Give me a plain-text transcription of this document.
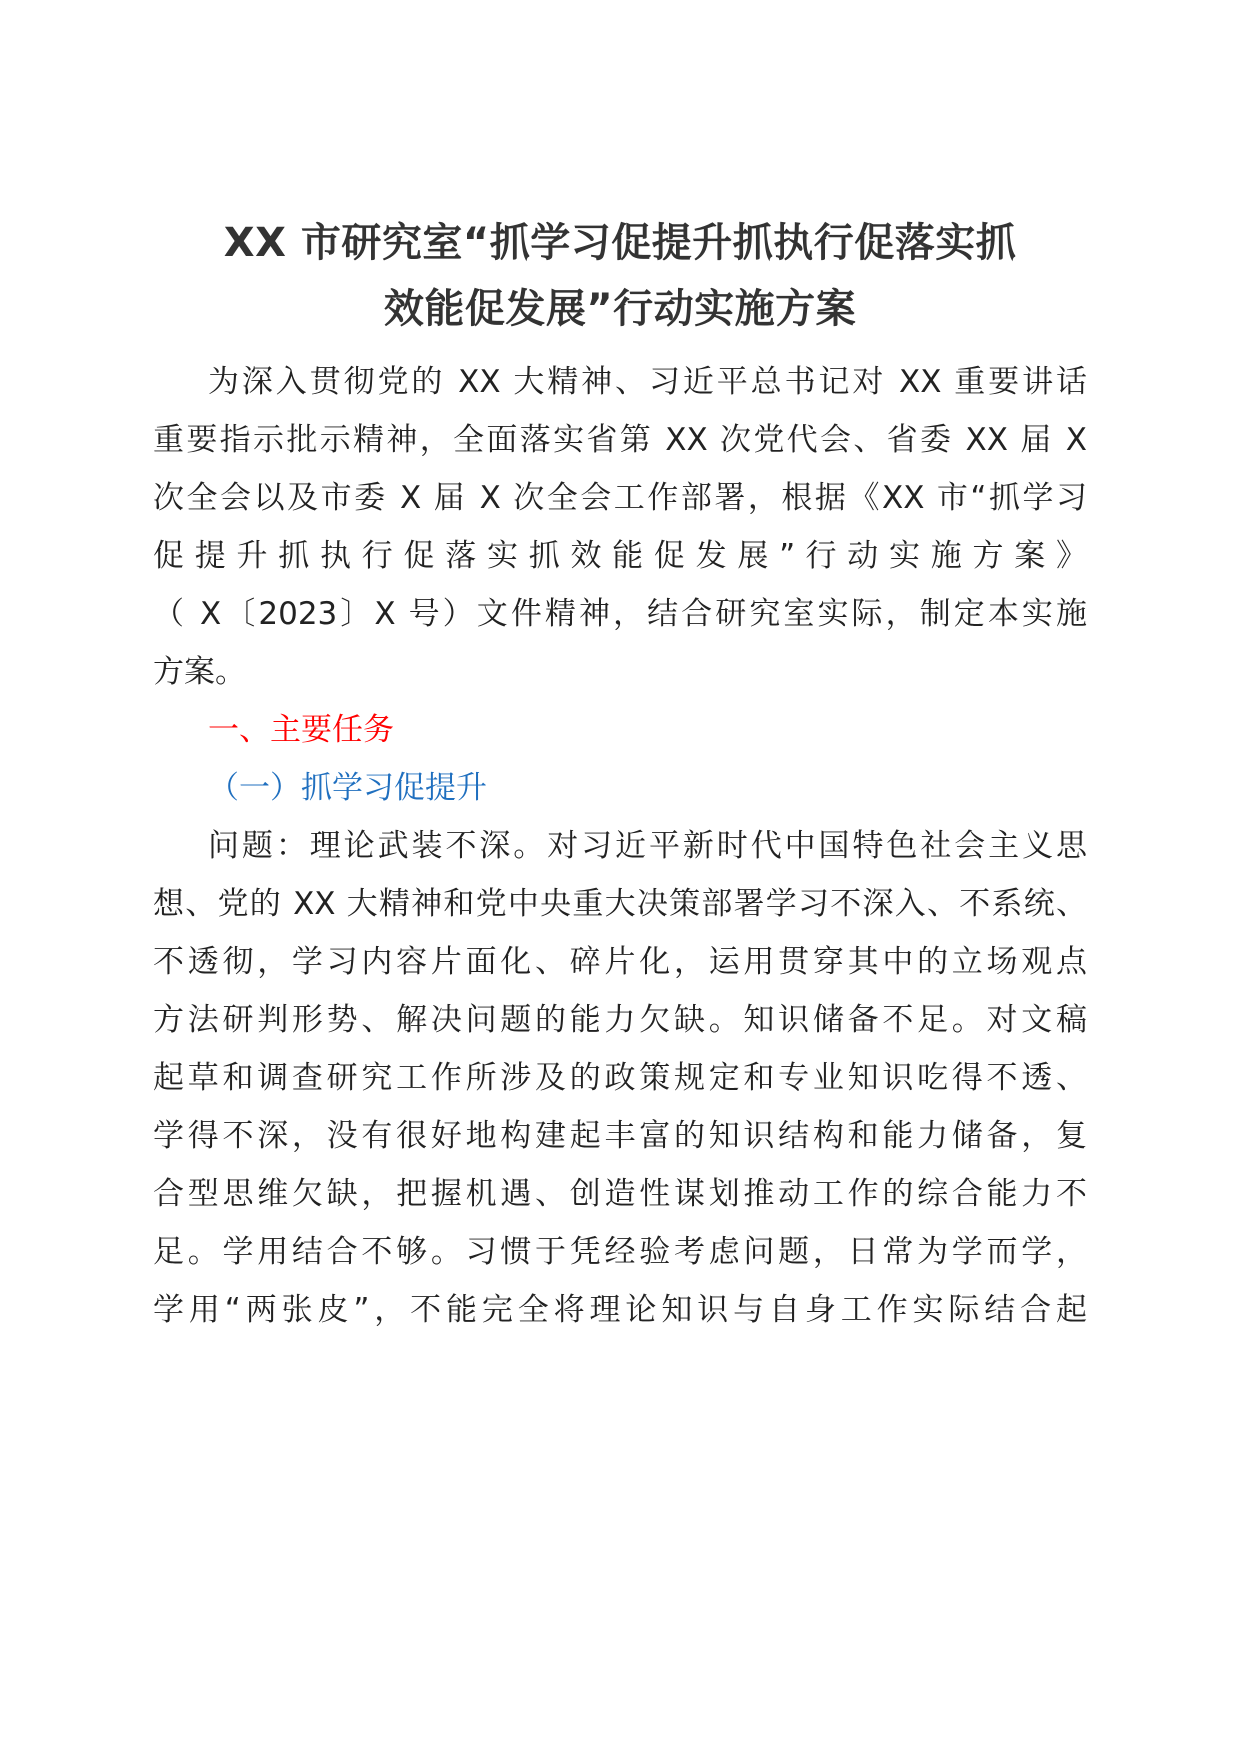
XX 市研究室“抓学习促提升抓执行促落实抓
效能促发展”行动实施方案

为深入贯彻党的 XX 大精神、习近平总书记对 XX 重要讲话

重要指示批示精神，全面落实省第 XX 次党代会、省委 XX 届 X

次全会以及市委 X 届 X 次全会工作部署，根据《XX 市“抓学习

促 提 升 抓 执 行 促 落 实 抓 效 能 促 发 展 ” 行 动 实 施 方 案 》

（ X〔2023〕X 号）文件精神，结合研究室实际，制定本实施

方案。

一、主要任务

（一）抓学习促提升

问题：理论武装不深。对习近平新时代中国特色社会主义思

想、党的 XX 大精神和党中央重大决策部署学习不深入、不系统、

不透彻，学习内容片面化、碎片化，运用贯穿其中的立场观点

方法研判形势、解决问题的能力欠缺。知识储备不足。对文稿

起草和调查研究工作所涉及的政策规定和专业知识吃得不透、

学得不深，没有很好地构建起丰富的知识结构和能力储备，复

合型思维欠缺，把握机遇、创造性谋划推动工作的综合能力不

足。学用结合不够。习惯于凭经验考虑问题，日常为学而学，

学用“两张皮”，不能完全将理论知识与自身工作实际结合起
